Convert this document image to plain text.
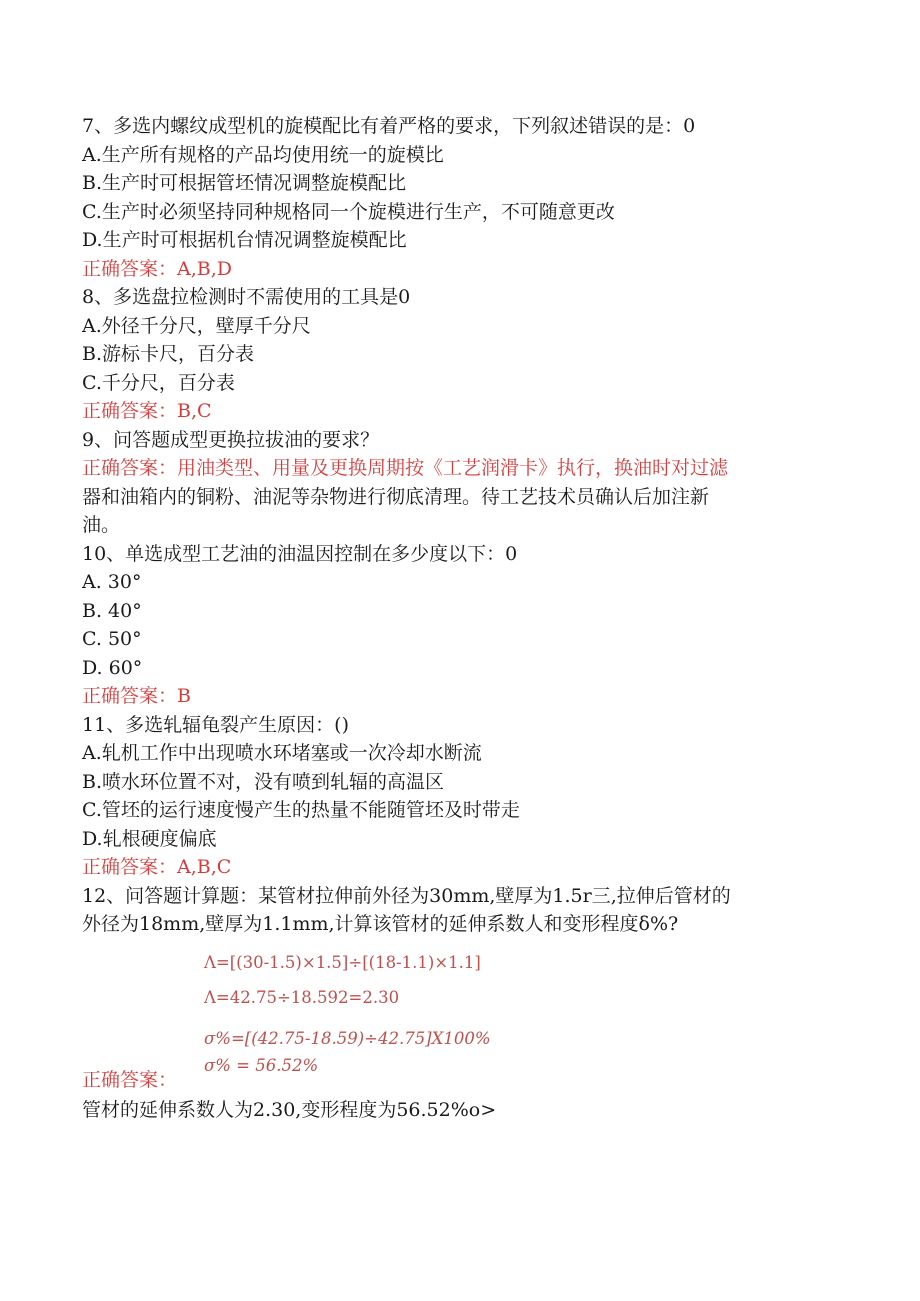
7、多选内螺纹成型机的旋模配比有着严格的要求，下列叙述错误的是：0
A.生产所有规格的产品均使用统一的旋模比
B.生产时可根据管坯情况调整旋模配比
C.生产时必须坚持同种规格同一个旋模进行生产，不可随意更改
D.生产时可根据机台情况调整旋模配比
正确答案：A,B,D
8、多选盘拉检测时不需使用的工具是0
A.外径千分尺，壁厚千分尺
B.游标卡尺，百分表
C.千分尺，百分表
正确答案：B,C
9、问答题成型更换拉拔油的要求？
正确答案：用油类型、用量及更换周期按《工艺润滑卡》执行，换油时对过滤
器和油箱内的铜粉、油泥等杂物进行彻底清理。待工艺技术员确认后加注新
油。
10、单选成型工艺油的油温因控制在多少度以下：0
A. 30°
B. 40°
C. 50°
D. 60°
正确答案：B
11、多选轧辐龟裂产生原因：()
A.轧机工作中出现喷水环堵塞或一次冷却水断流
B.喷水环位置不对，没有喷到轧辐的高温区
C.管坯的运行速度慢产生的热量不能随管坯及时带走
D.轧根硬度偏底
正确答案：A,B,C
12、问答题计算题：某管材拉伸前外径为30mm,壁厚为1.5r三,拉伸后管材的
外径为18mm,壁厚为1.1mm,计算该管材的延伸系数人和变形程度δ%?
Λ=[(30-1.5)×1.5]÷[(18-1.1)×1.1]
Λ=42.75÷18.592=2.30
σ%=[(42.75-18.59)÷42.75]X100%
σ% = 56.52%
正确答案：
管材的延伸系数人为2.30,变形程度为56.52%o>
